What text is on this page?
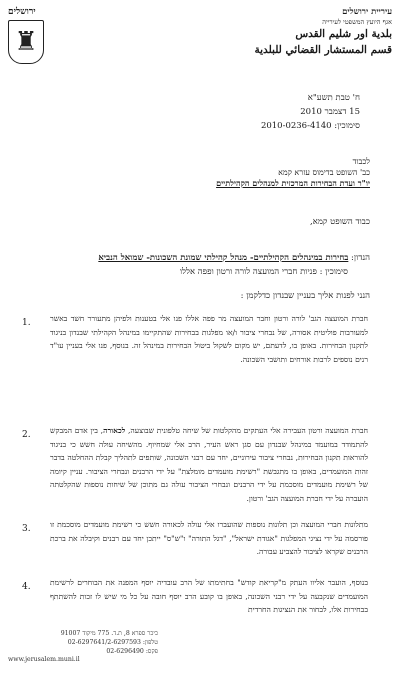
ירושלים
♜
עיריית ירושלים
אגף היועץ המשפטי לעירייה
بلدية اور شليم القدس
قسم المستشار القضائي للبلدية
ח' טבת תשע"א
15 דצמבר 2010
סימוכין: 2010-0236-4140
לכבוד
כב' השופט בדימוס עזרא קמא
יו"ר ועדת הבחירות המרכזית למנהלים הקהילתיים
כבוד השופט קמא,
הנדון: בחירות במינהלים הקהילתיים- מנהל קהילתי שמונת השכונות- שמואל הנביא
סימוכין : פניות חברי המועצה לורה ורטון ופפה אללו
הנני לפנות אליך בעניין שבנדון כדלקמן :
1.	חברת המועצה הגב' לורה ורטון וחבר המועצה מר פפה אללו פנו אלי בטענות ולפיהן מתעורר חשד באשר למעורבות פוליטית אסורה, של נבחרי ציבור ו/או מפלגות בבחירות שהתקיימו במינהל הקהילתי שבנדון בניגוד לתקנון הבחירות. באופן בו, לדעתם, יש מקום לשקול ביטול הבחירות במינהל זה. בנוסף, פנו אלי בעניין עו"ד רנים נוספים לרבות אורחים ותושבי השכונה.
2.	חברת המועצה ורטון העבירה אלי העתקים מהקלטות של שיחה טלפונית שבוצעה, לכאורה, בין אדם המבקש להתמודד במועמד במינהל שבנדון עם סגן ראש העיר, הרב אלי שמחיוף. מהשיחה עולה חשש כי בניגוד להוראות תקנון הבחירות, נבחרי ציבור עירוניים, יחד עם רבני השכונה, שותפים לתהליך קבלת ההחלטה בדבר זהות המועמדים, באופן בו מתגבשת "רשימת מועמדים מומלצת" על ידי הרבנים ונבחרי הציבור. עניין קיומה של רשימת מועמדים מוסכמת על ידי הרבנים ונבחרי הציבור עולה גם מתוכן של שיחות נוספות שהקלטתה הועברה על ידי חברת המועצה הגב' ורטון.
3.	מתלונות חברי המועצה וכן תלונות נוספות שהועברו אלי עולה לכאורה חשש כי רשימת מועמדים מוסכמת זו פורסמה על ידי נציגי המפלגות "אגודת ישראל", "דגל התורה" ו"ש"ס" ייתכן יחד עם רבנים וקיבלה את ברכת הרבנים שקראו לציבור להצביע עבורה.
4.	בנוסף, הועבר אליוו העתק מ"קריאת קודש" בחתימתו של הרב עובדיה יוסף המפנה את הבוחרים לרשימת המועמדים שנקבעה על ידי רבני השכונה, באופן בו קובע הרב יוסף חובה על כל מי שיש לו זכות להשתתף בבחירות אלו, לבחור את הנציגות החרדית
כיכר ספרא 8, ת.ד. 775 מיקוד 91007
טלפון: 02-6297641/2-6297593
פקס: 02-6296490
www.jerusalem.muni.il
